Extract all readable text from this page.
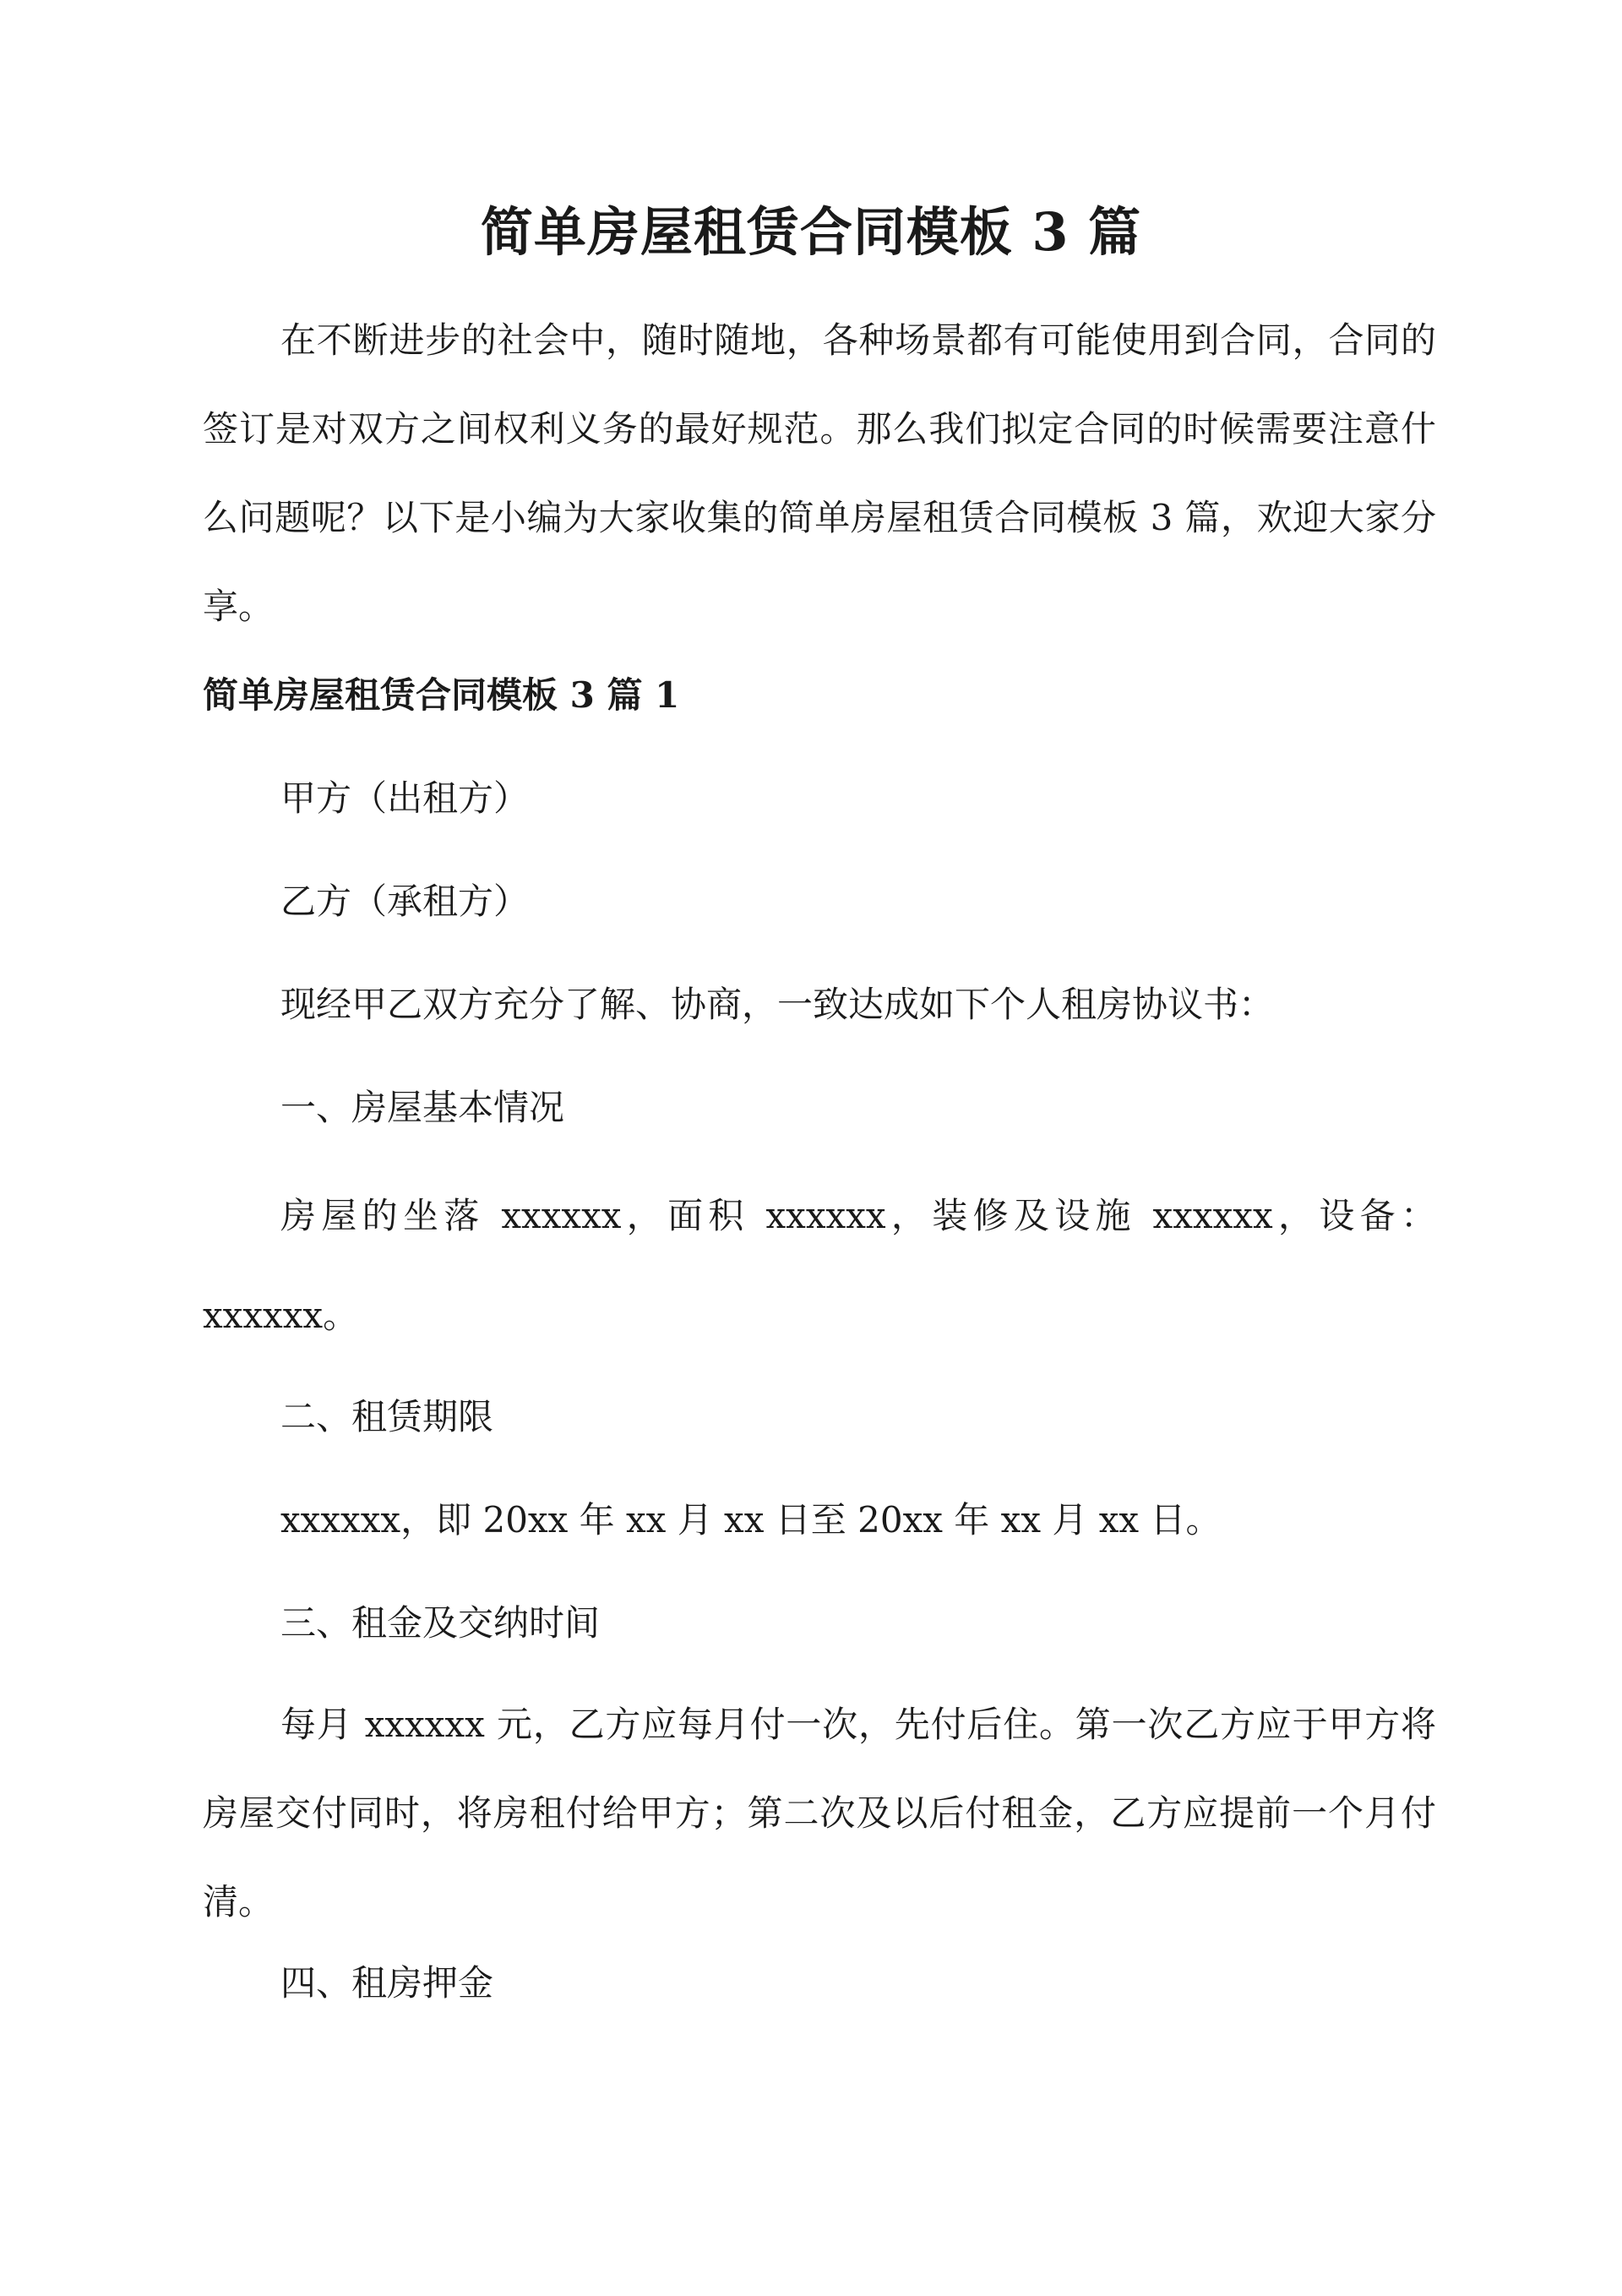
简单房屋租赁合同模板 3 篇

在不断进步的社会中，随时随地，各种场景都有可能使用到合同，合同的签订是对双方之间权利义务的最好规范。那么我们拟定合同的时候需要注意什么问题呢？以下是小编为大家收集的简单房屋租赁合同模板 3 篇，欢迎大家分享。

简单房屋租赁合同模板 3 篇 1

甲方（出租方）

乙方（承租方）

现经甲乙双方充分了解、协商，一致达成如下个人租房协议书：

一、房屋基本情况

房屋的坐落 xxxxxx，面积 xxxxxx，装修及设施 xxxxxx，设备：xxxxxx。

二、租赁期限

xxxxxx，即 20xx 年 xx 月 xx 日至 20xx 年 xx 月 xx 日。

三、租金及交纳时间

每月 xxxxxx 元，乙方应每月付一次，先付后住。第一次乙方应于甲方将房屋交付同时，将房租付给甲方；第二次及以后付租金，乙方应提前一个月付清。

四、租房押金
